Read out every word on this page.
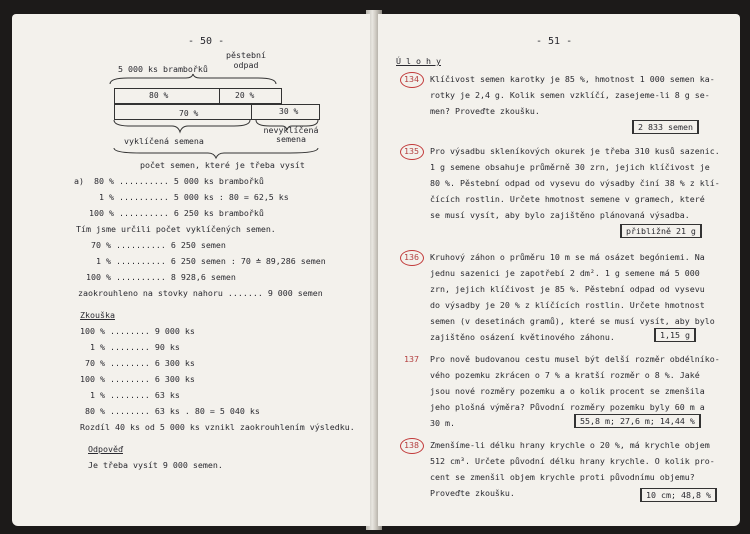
- 50 -
5 000 ks brambořků
pěstební odpad
80 %	20 %
70 %	30 %
vyklíčená semena
nevyklíčená semena
počet semen, které je třeba vysít
a)  80 % .......... 5 000 ks brambořků
1 % .......... 5 000 ks : 80 = 62,5 ks
100 % .......... 6 250 ks brambořků
Tím jsme určili počet vyklíčených semen.
70 % .......... 6 250 semen
1 % .......... 6 250 semen : 70 ≐ 89,286 semen
100 % .......... 8 928,6 semen
zaokrouhleno na stovky nahoru ....... 9 000 semen
Zkouška
100 % ........ 9 000 ks
1 % ........ 90 ks
70 % ........ 6 300 ks
100 % ........ 6 300 ks
1 % ........ 63 ks
80 % ........ 63 ks . 80 = 5 040 ks
Rozdíl 40 ks od 5 000 ks vznikl zaokrouhlením výsledku.
Odpověď
Je třeba vysít 9 000 semen.
- 51 -
Ú l o h y
134 Klíčivost semen karotky je 85 %, hmotnost 1 000 semen ka-
rotky je 2,4 g. Kolik semen vzklíčí, zasejeme-li 8 g se-
men? Proveďte zkoušku.
2 833 semen
135 Pro výsadbu skleníkových okurek je třeba 310 kusů sazenic.
1 g semene obsahuje průměrně 30 zrn, jejich klíčivost je
80 %. Pěstební odpad od vysevu do výsadby činí 38 % z klí-
čících rostlin. Určete hmotnost semene v gramech, které
se musí vysít, aby bylo zajištěno plánovaná výsadba.
přibližně 21 g
136 Kruhový záhon o průměru 10 m se má osázet begóniemi. Na
jednu sazenici je zapotřebí 2 dm². 1 g semene má 5 000
zrn, jejich klíčivost je 85 %. Pěstební odpad od vysevu
do výsadby je 20 % z klíčících rostlin. Určete hmotnost
semen (v desetinách gramů), které se musí vysít, aby bylo
zajištěno osázení květinového záhonu.	1,15 g
137 Pro nově budovanou cestu musel být delší rozměr obdélníko-
vého pozemku zkrácen o 7 % a kratší rozměr o 8 %. Jaké
jsou nové rozměry pozemku a o kolik procent se zmenšila
jeho plošná výměra? Původní rozměry pozemku byly 60 m a
30 m.	55,8 m; 27,6 m; 14,44 %
138 Zmenšíme-li délku hrany krychle o 20 %, má krychle objem
512 cm³. Určete původní délku hrany krychle. O kolik pro-
cent se zmenšil objem krychle proti původnímu objemu?
Proveďte zkoušku.	10 cm; 48,8 %
